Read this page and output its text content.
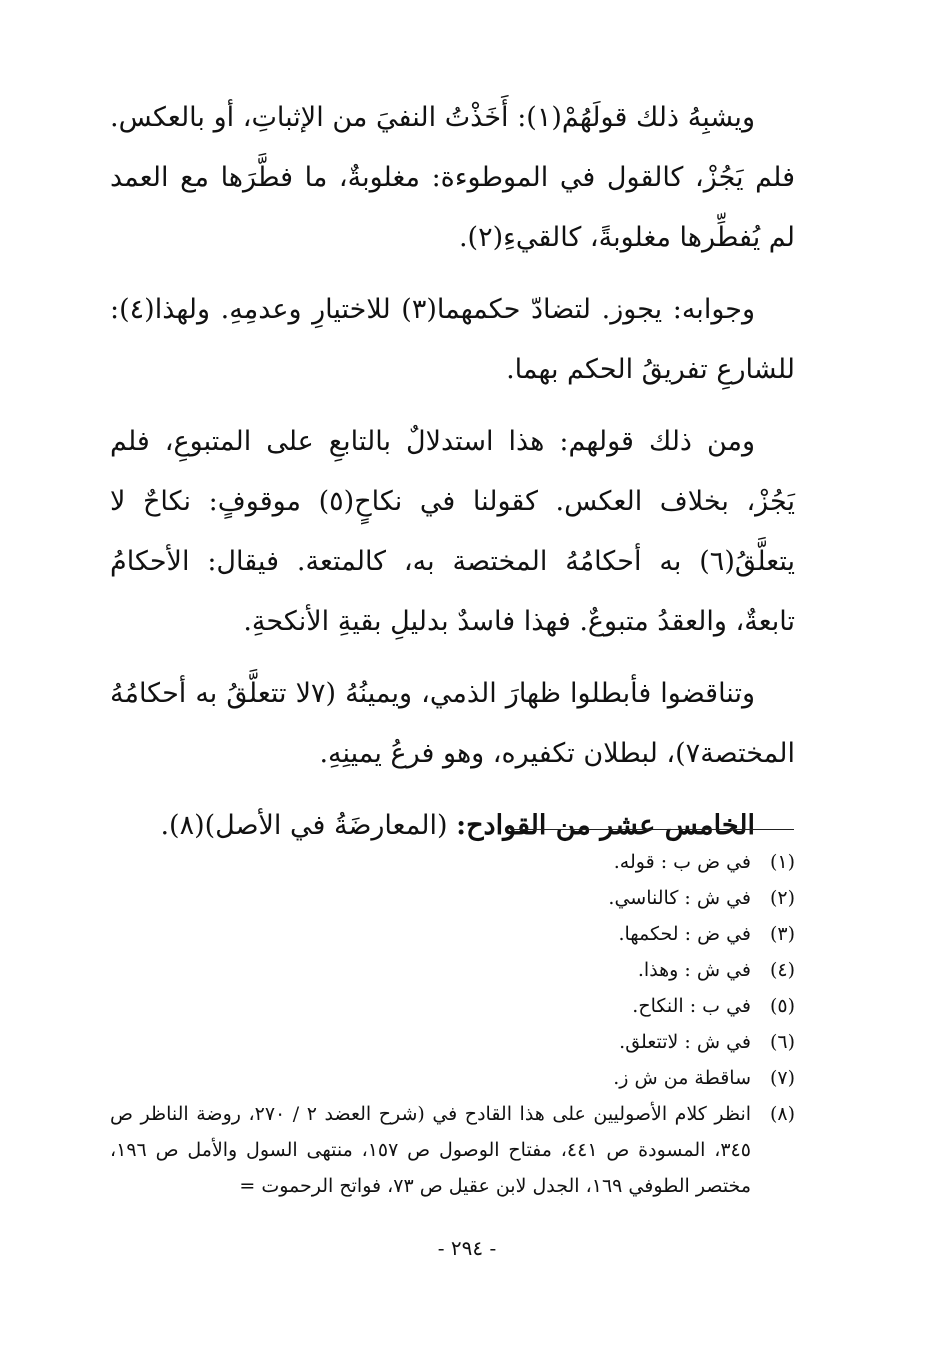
ويشبِهُ ذلك قولَهُمْ(١): أَخَذْتُ النفيَ من الإثباتِ، أو بالعكس. فلم يَجُزْ، كالقول في الموطوءة: مغلوبةٌ، ما فطَّرَها مع العمد لم يُفطِّرها مغلوبةً، كالقيءِ(٢).

وجوابه: يجوز. لتضادّ حكمهما(٣) للاختيارِ وعدمِهِ. ولهذا(٤): للشارعِ تفريقُ الحكم بهما.

ومن ذلك قولهم: هذا استدلالٌ بالتابعِ على المتبوعِ، فلم يَجُزْ، بخلاف العكس. كقولنا في نكاحٍ(٥) موقوفٍ: نكاحٌ لا يتعلَّقُ(٦) به أحكامُهُ المختصة به، كالمتعة. فيقال: الأحكامُ تابعةٌ، والعقدُ متبوعٌ. فهذا فاسدٌ بدليلِ بقيةِ الأنكحةِ.

وتناقضوا فأبطلوا ظهارَ الذمي، ويمينُهُ (٧لا تتعلَّقُ به أحكامُهُ المختصة٧)، لبطلان تكفيره، وهو فرعُ يمينِهِ.

الخامس عشر من القوادح: (المعارضَةُ في الأصل)(٨).

(١)
في ض ب : قوله.
(٢)
في ش : كالناسي.
(٣)
في ض : لحكمها.
(٤)
في ش : وهذا.
(٥)
في ب : النكاح.
(٦)
في ش : لاتتعلق.
(٧)
ساقطة من ش ز.
(٨)
انظر كلام الأصوليين على هذا القادح في (شرح العضد ٢ / ٢٧٠، روضة الناظر ص ٣٤٥، المسودة ص ٤٤١، مفتاح الوصول ص ١٥٧، منتهى السول والأمل ص ١٩٦، مختصر الطوفي ١٦٩، الجدل لابن عقيل ص ٧٣، فواتح الرحموت =
- ٢٩٤ -
